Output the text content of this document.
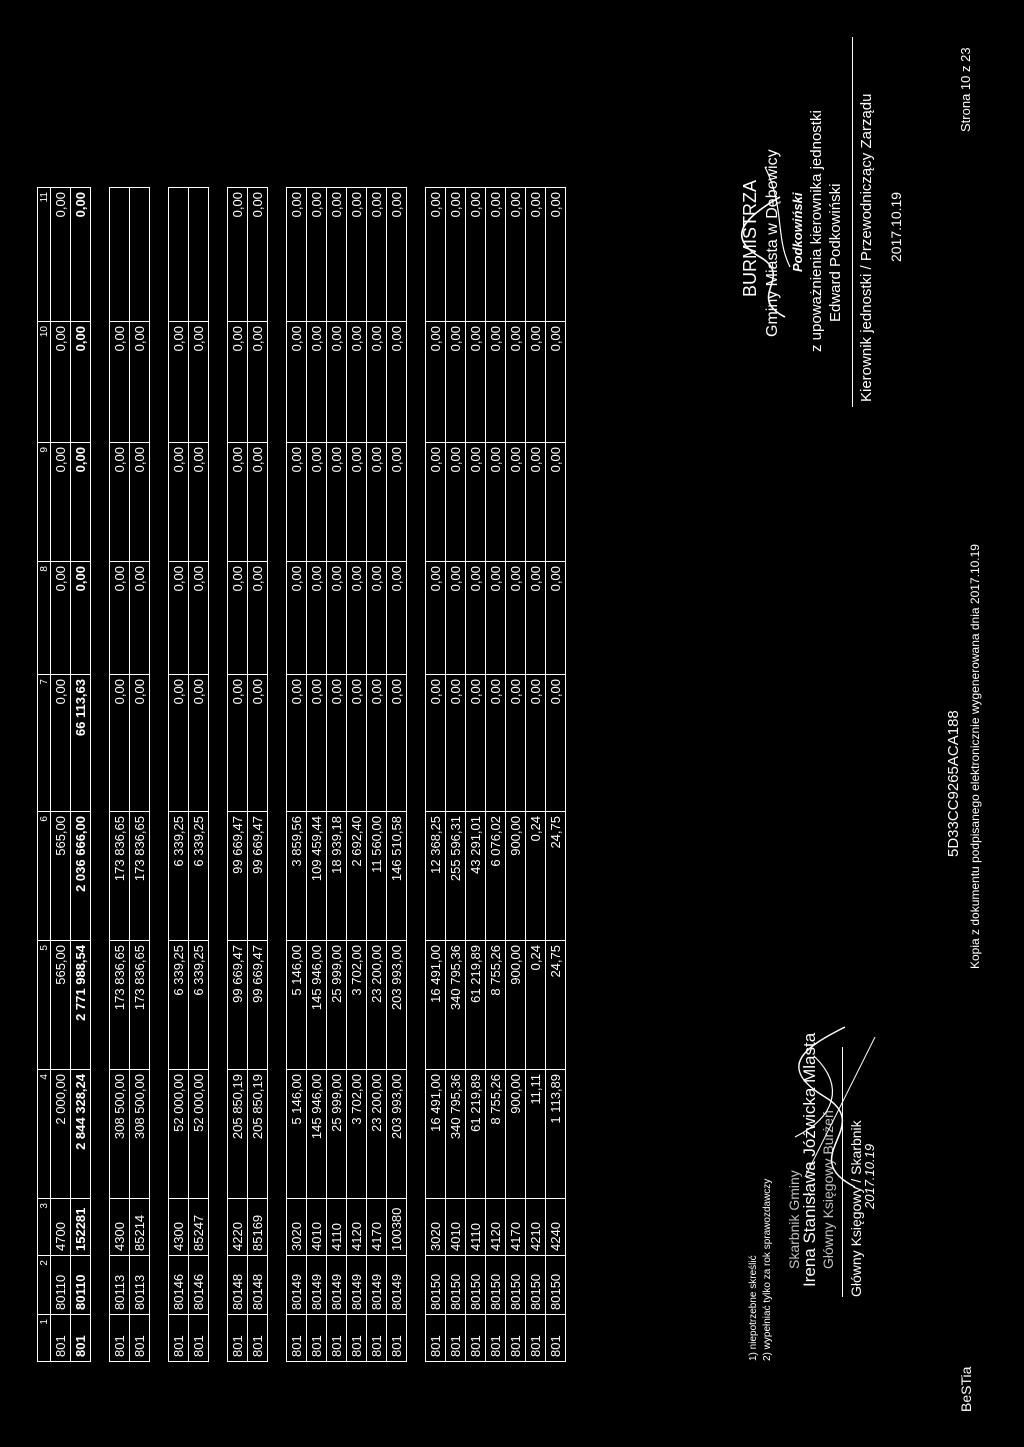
1	2	3	4	5	6	7	8	9	10	11
801	80110	4700	2 000,00	565,00	565,00	0,00	0,00	0,00	0,00	0,00
801	80110	152281	2 844 328,24	2 771 988,54	2 036 666,00	66 113,63	0,00	0,00	0,00	0,00

801	80113	4300	308 500,00	173 836,65	173 836,65	0,00	0,00	0,00	0,00	
801	80113	85214	308 500,00	173 836,65	173 836,65	0,00	0,00	0,00	0,00	

801	80146	4300	52 000,00	6 339,25	6 339,25	0,00	0,00	0,00	0,00	
801	80146	85247	52 000,00	6 339,25	6 339,25	0,00	0,00	0,00	0,00	

801	80148	4220	205 850,19	99 669,47	99 669,47	0,00	0,00	0,00	0,00	0,00
801	80148	85169	205 850,19	99 669,47	99 669,47	0,00	0,00	0,00	0,00	0,00

801	80149	3020	5 146,00	5 146,00	3 859,56	0,00	0,00	0,00	0,00	0,00
801	80149	4010	145 946,00	145 946,00	109 459,44	0,00	0,00	0,00	0,00	0,00
801	80149	4110	25 999,00	25 999,00	18 939,18	0,00	0,00	0,00	0,00	0,00
801	80149	4120	3 702,00	3 702,00	2 692,40	0,00	0,00	0,00	0,00	0,00
801	80149	4170	23 200,00	23 200,00	11 560,00	0,00	0,00	0,00	0,00	0,00
801	80149	100380	203 993,00	203 993,00	146 510,58	0,00	0,00	0,00	0,00	0,00

801	80150	3020	16 491,00	16 491,00	12 368,25	0,00	0,00	0,00	0,00	0,00
801	80150	4010	340 795,36	340 795,36	255 596,31	0,00	0,00	0,00	0,00	0,00
801	80150	4110	61 219,89	61 219,89	43 291,01	0,00	0,00	0,00	0,00	0,00
801	80150	4120	8 755,26	8 755,26	6 076,02	0,00	0,00	0,00	0,00	0,00
801	80150	4170	900,00	900,00	900,00	0,00	0,00	0,00	0,00	0,00
801	80150	4210	11,11	0,24	0,24	0,00	0,00	0,00	0,00	0,00
801	80150	4240	1 113,89	24,75	24,75	0,00	0,00	0,00	0,00	0,00
1) niepotrzebne skreślić 2) wypełniać tylko za rok sprawozdawczy Irena Stanisława Jóźwicka Mlasta
Skarbnik Gminy Główny Księgowy Burżeń Główny Księgowy / Skarbnik
2017.10.19
BURMISTRZA Gminy Miasta w Dębowicy Podkowiński z upoważnienia kierownika jednostki Edward Podkowiński Kierownik jednostki / Przewodniczący Zarządu 2017.10.19
BeSTia
5D33CC9265ACA188 Kopia z dokumentu podpisanego elektronicznie wygenerowana dnia 2017.10.19
Strona 10 z 23
